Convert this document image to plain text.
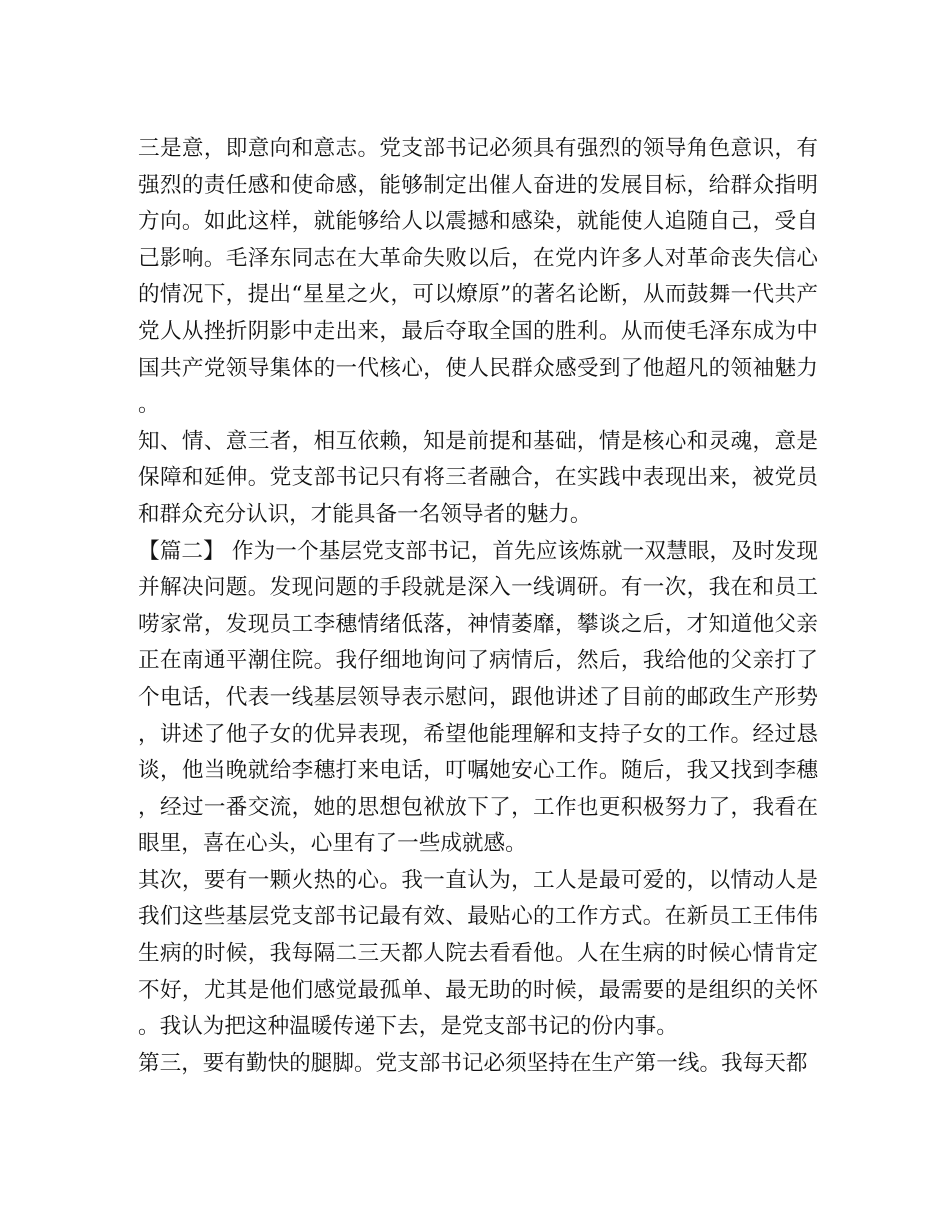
三是意，即意向和意志。党支部书记必须具有强烈的领导角色意识，有强烈的责任感和使命感，能够制定出催人奋进的发展目标，给群众指明方向。如此这样，就能够给人以震撼和感染，就能使人追随自己，受自己影响。毛泽东同志在大革命失败以后，在党内许多人对革命丧失信心的情况下，提出“星星之火，可以燎原”的著名论断，从而鼓舞一代共产党人从挫折阴影中走出来，最后夺取全国的胜利。从而使毛泽东成为中国共产党领导集体的一代核心，使人民群众感受到了他超凡的领袖魅力。

知、情、意三者，相互依赖，知是前提和基础，情是核心和灵魂，意是保障和延伸。党支部书记只有将三者融合，在实践中表现出来，被党员和群众充分认识，才能具备一名领导者的魅力。

【篇二】 作为一个基层党支部书记，首先应该炼就一双慧眼，及时发现并解决问题。发现问题的手段就是深入一线调研。有一次，我在和员工唠家常，发现员工李穗情绪低落，神情萎靡，攀谈之后，才知道他父亲正在南通平潮住院。我仔细地询问了病情后，然后，我给他的父亲打了个电话，代表一线基层领导表示慰问，跟他讲述了目前的邮政生产形势，讲述了他子女的优异表现，希望他能理解和支持子女的工作。经过恳谈，他当晚就给李穗打来电话，叮嘱她安心工作。随后，我又找到李穗，经过一番交流，她的思想包袱放下了，工作也更积极努力了，我看在眼里，喜在心头，心里有了一些成就感。

其次，要有一颗火热的心。我一直认为，工人是最可爱的，以情动人是我们这些基层党支部书记最有效、最贴心的工作方式。在新员工王伟伟生病的时候，我每隔二三天都人院去看看他。人在生病的时候心情肯定不好，尤其是他们感觉最孤单、最无助的时候，最需要的是组织的关怀。我认为把这种温暖传递下去，是党支部书记的份内事。

第三，要有勤快的腿脚。党支部书记必须坚持在生产第一线。我每天都
